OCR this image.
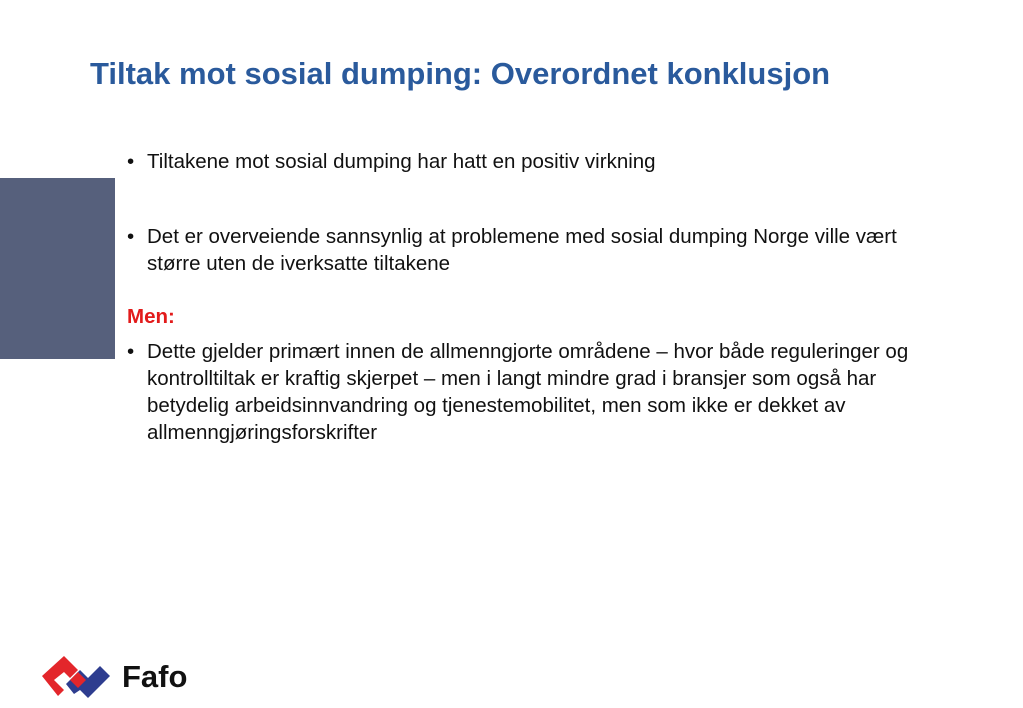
Tiltak mot sosial dumping: Overordnet konklusjon
• Tiltakene mot sosial dumping har hatt en positiv virkning
• Det er overveiende sannsynlig at problemene med sosial dumping Norge ville vært større uten de iverksatte tiltakene
Men:
• Dette gjelder primært innen de allmenngjorte områdene – hvor både reguleringer og kontrolltiltak er kraftig skjerpet – men i langt mindre grad i bransjer som også har betydelig arbeidsinnvandring og tjenestemobilitet, men som ikke er dekket av allmenngjøringsforskrifter
Fafo
